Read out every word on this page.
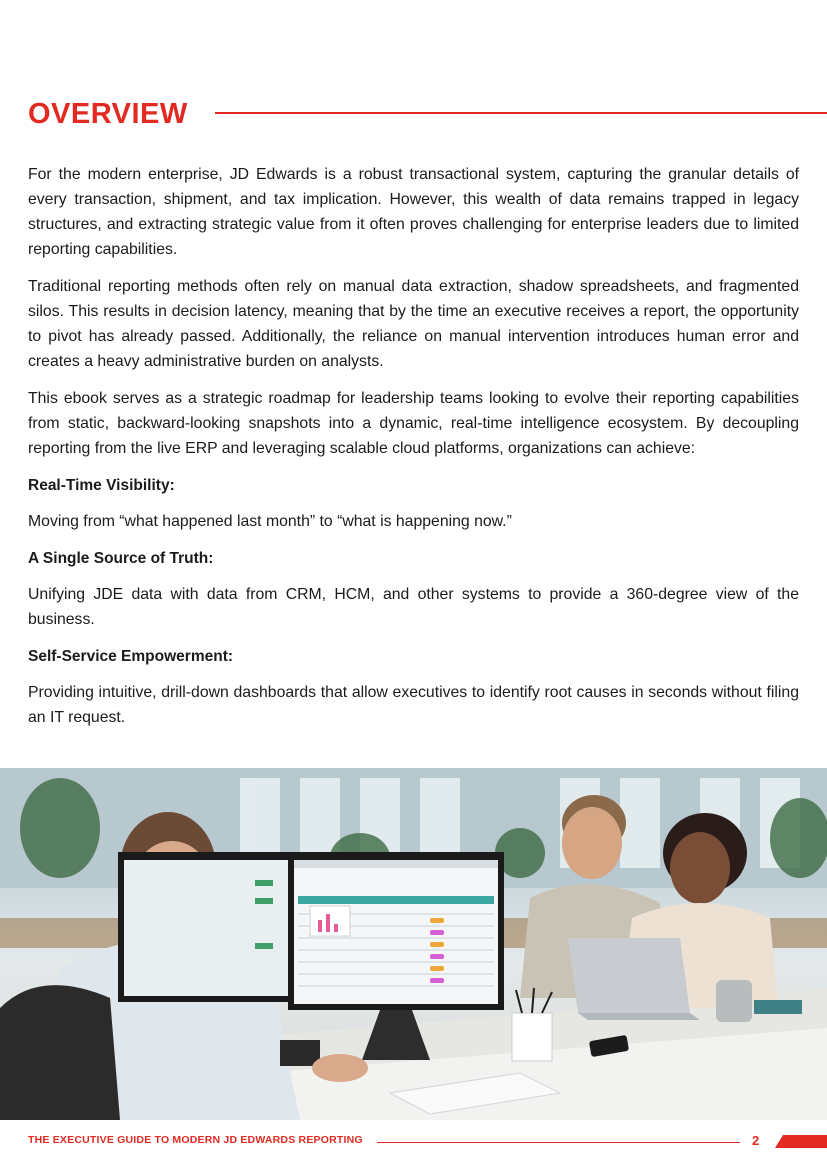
OVERVIEW

For the modern enterprise, JD Edwards is a robust transactional system, capturing the granular details of every transaction, shipment, and tax implication. However, this wealth of data remains trapped in legacy structures, and extracting strategic value from it often proves challenging for enterprise leaders due to limited reporting capabilities.

Traditional reporting methods often rely on manual data extraction, shadow spreadsheets, and fragmented silos. This results in decision latency, meaning that by the time an executive receives a report, the opportunity to pivot has already passed. Additionally, the reliance on manual intervention introduces human error and creates a heavy administrative burden on analysts.

This ebook serves as a strategic roadmap for leadership teams looking to evolve their reporting capabilities from static, backward-looking snapshots into a dynamic, real-time intelligence ecosystem. By decoupling reporting from the live ERP and leveraging scalable cloud platforms, organizations can achieve:

Real-Time Visibility:

Moving from “what happened last month” to “what is happening now.”

A Single Source of Truth:

Unifying JDE data with data from CRM, HCM, and other systems to provide a 360-degree view of the business.

Self-Service Empowerment:

Providing intuitive, drill-down dashboards that allow executives to identify root causes in seconds without filing an IT request.

THE EXECUTIVE GUIDE TO MODERN JD EDWARDS REPORTING	2
